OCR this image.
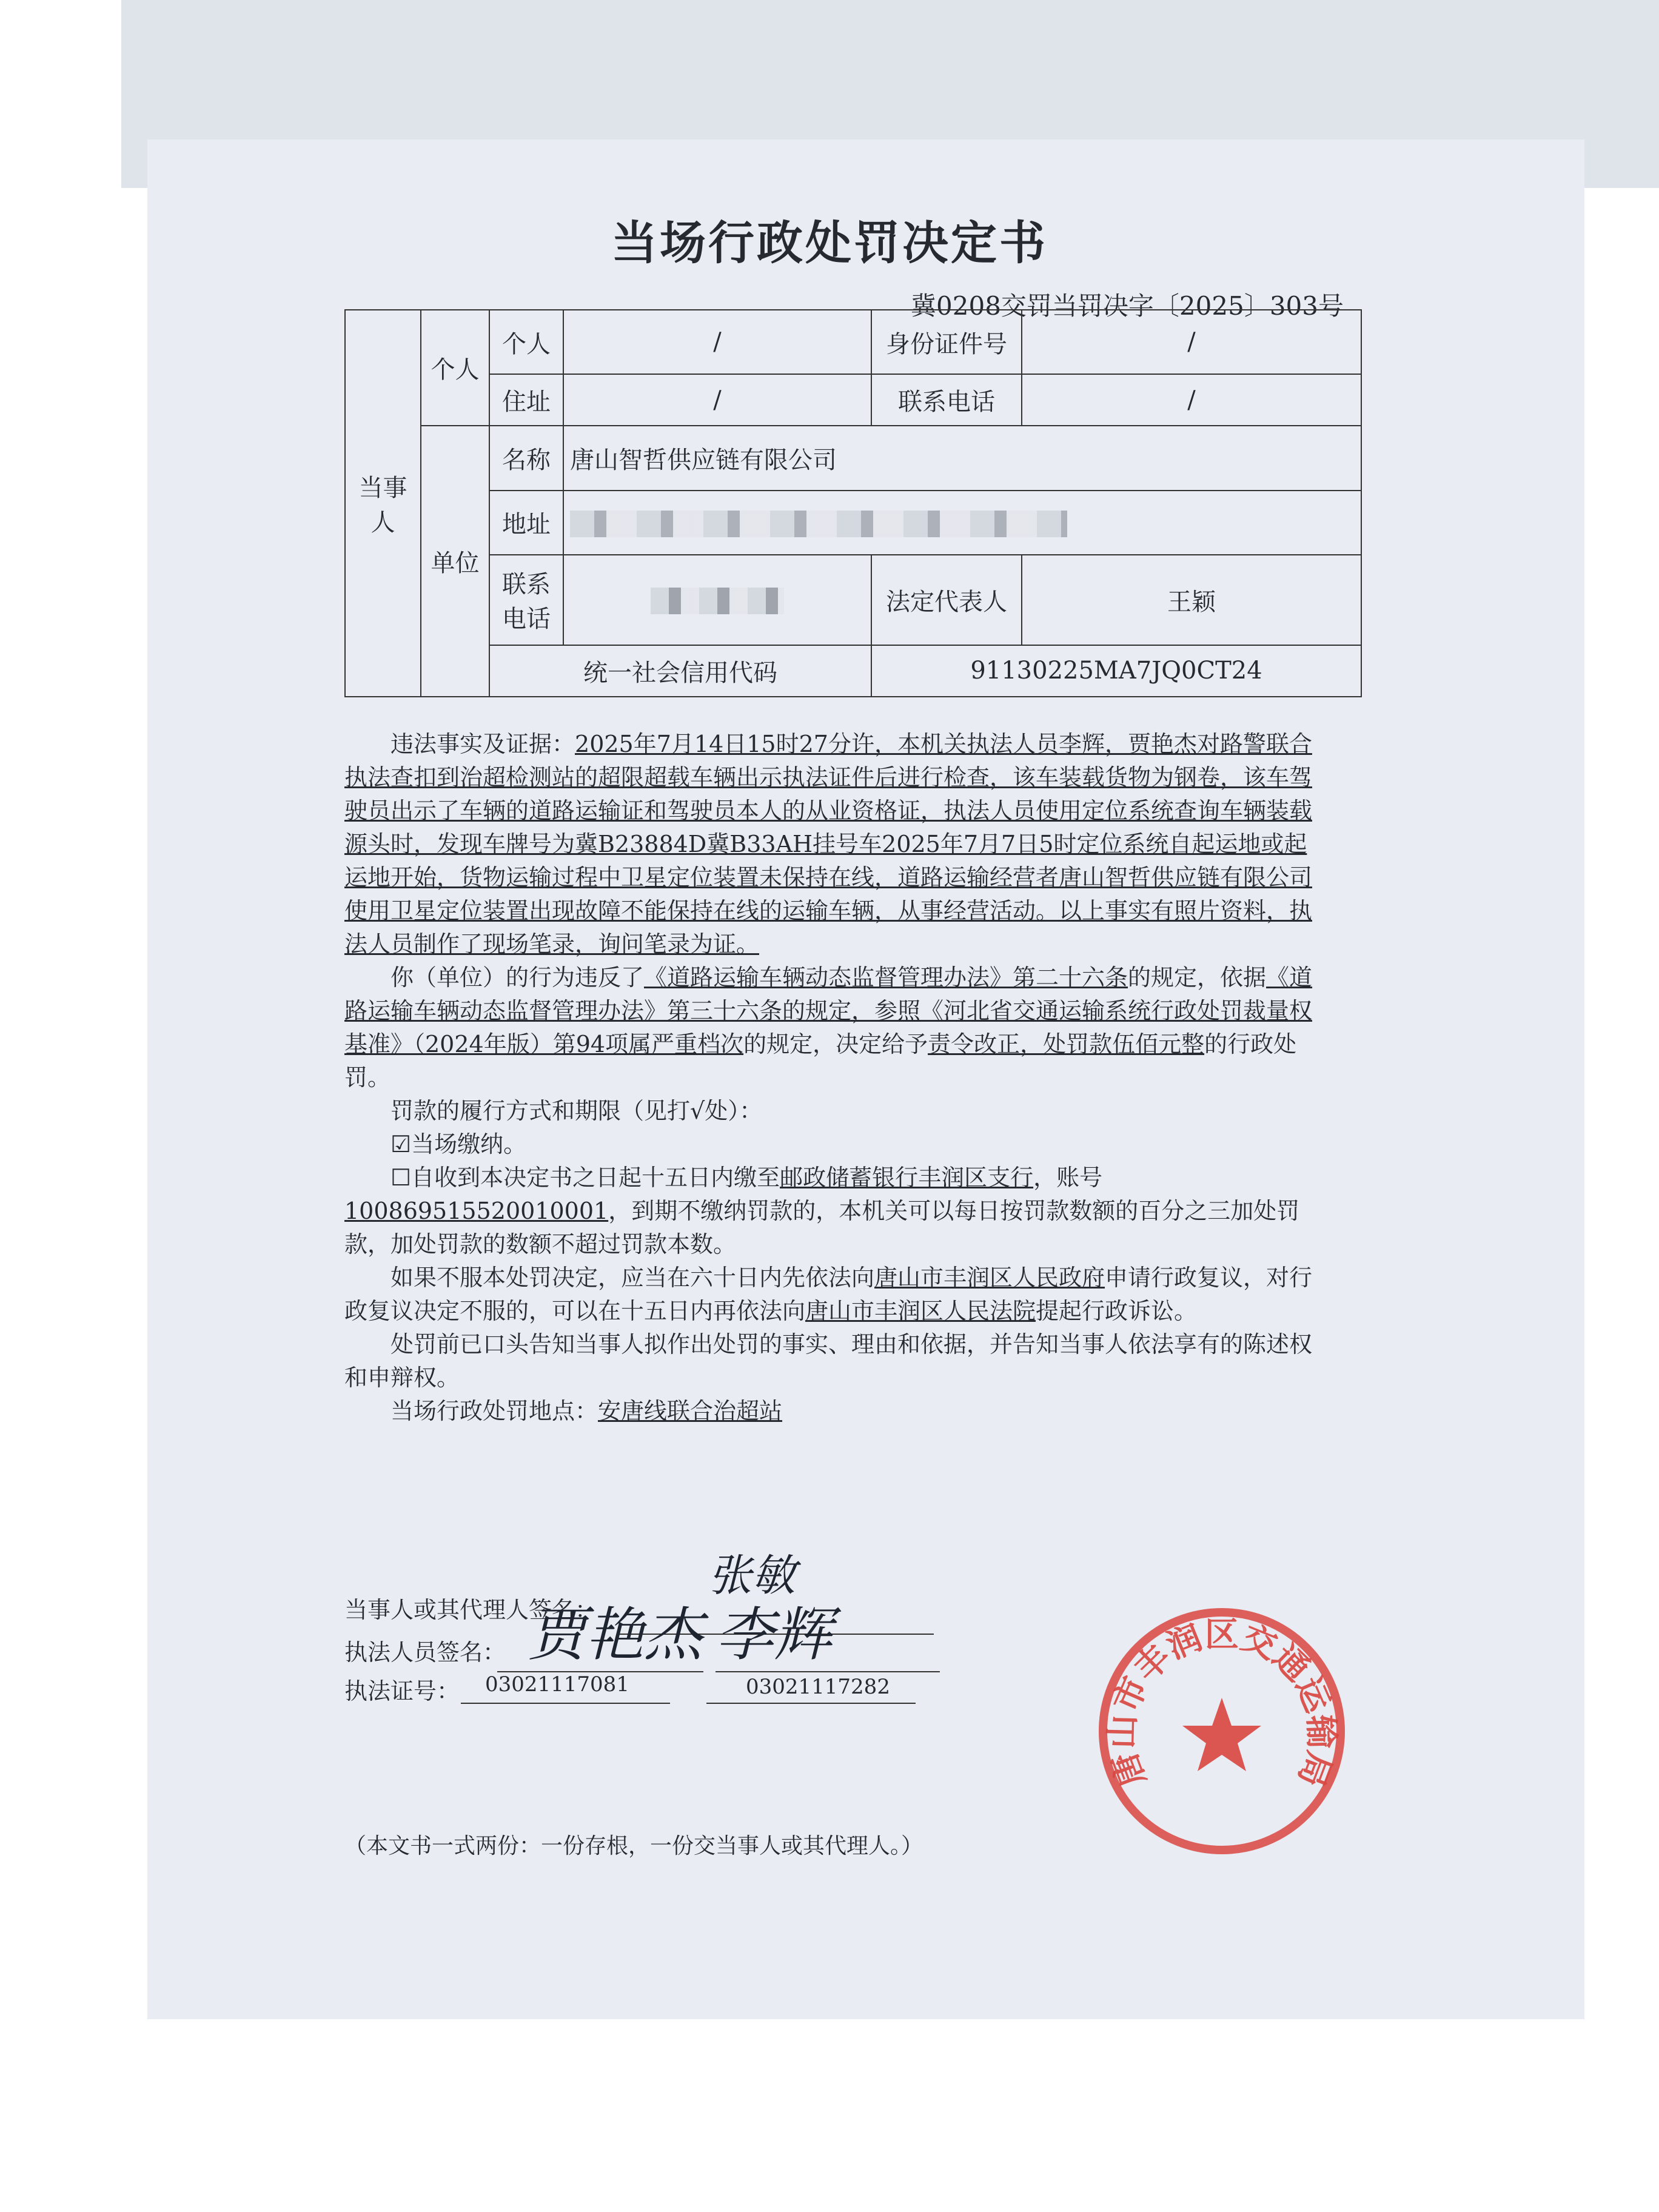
当场行政处罚决定书
冀0208交罚当罚决字〔2025〕303号
当事人	个人	个人	/	身份证件号	/
		住址	/	联系电话	/
	单位	名称	唐山智哲供应链有限公司		
		地址			
		联系电话		法定代表人	王颖

		统一社会信用代码		91130225MA7JQ0CT24	

违法事实及证据：2025年7月14日15时27分许，本机关执法人员李辉，贾艳杰对路警联合执法查扣到治超检测站的超限超载车辆出示执法证件后进行检查，该车装载货物为钢卷，该车驾驶员出示了车辆的道路运输证和驾驶员本人的从业资格证，执法人员使用定位系统查询车辆装载源头时，发现车牌号为冀B23884D冀B33AH挂号车2025年7月7日5时定位系统自起运地或起运地开始，货物运输过程中卫星定位装置未保持在线，道路运输经营者唐山智哲供应链有限公司使用卫星定位装置出现故障不能保持在线的运输车辆，从事经营活动。以上事实有照片资料，执法人员制作了现场笔录，询问笔录为证。

你（单位）的行为违反了《道路运输车辆动态监督管理办法》第二十六条的规定，依据《道路运输车辆动态监督管理办法》第三十六条的规定，参照《河北省交通运输系统行政处罚裁量权基准》（2024年版）第94项属严重档次的规定，决定给予责令改正，处罚款伍佰元整的行政处罚。

罚款的履行方式和期限（见打√处）：

☑当场缴纳。

☐自收到本决定书之日起十五日内缴至邮政储蓄银行丰润区支行，账号100869515520010001，到期不缴纳罚款的，本机关可以每日按罚款数额的百分之三加处罚款，加处罚款的数额不超过罚款本数。

如果不服本处罚决定，应当在六十日内先依法向唐山市丰润区人民政府申请行政复议，对行政复议决定不服的，可以在十五日内再依法向唐山市丰润区人民法院提起行政诉讼。

处罚前已口头告知当事人拟作出处罚的事实、理由和依据，并告知当事人依法享有的陈述权和申辩权。

当场行政处罚地点：安唐线联合治超站

当事人或其代理人签名：
张敏
执法人员签名： 贾艳杰 李辉
执法证号： 03021117081	03021117282
唐山市丰润区交通运输局
（本文书一式两份：一份存根，一份交当事人或其代理人。）
